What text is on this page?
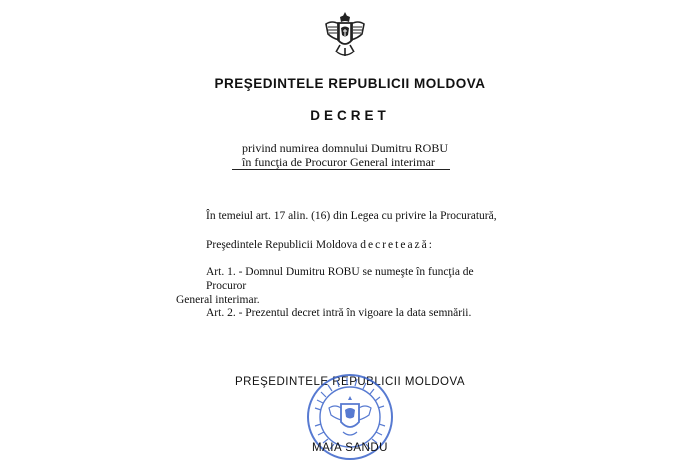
PREŞEDINTELE REPUBLICII MOLDOVA
DECRET
privind numirea domnului Dumitru ROBU
în funcţia de Procuror General interimar
În temeiul art. 17 alin. (16) din Legea cu privire la Procuratură,
Preşedintele Republicii Moldova decretează:
Art. 1. - Domnul Dumitru ROBU se numeşte în funcţia de Procuror
General interimar.
Art. 2. - Prezentul decret intră în vigoare la data semnării.
PREŞEDINTELE REPUBLICII MOLDOVA
MAIA SANDU
